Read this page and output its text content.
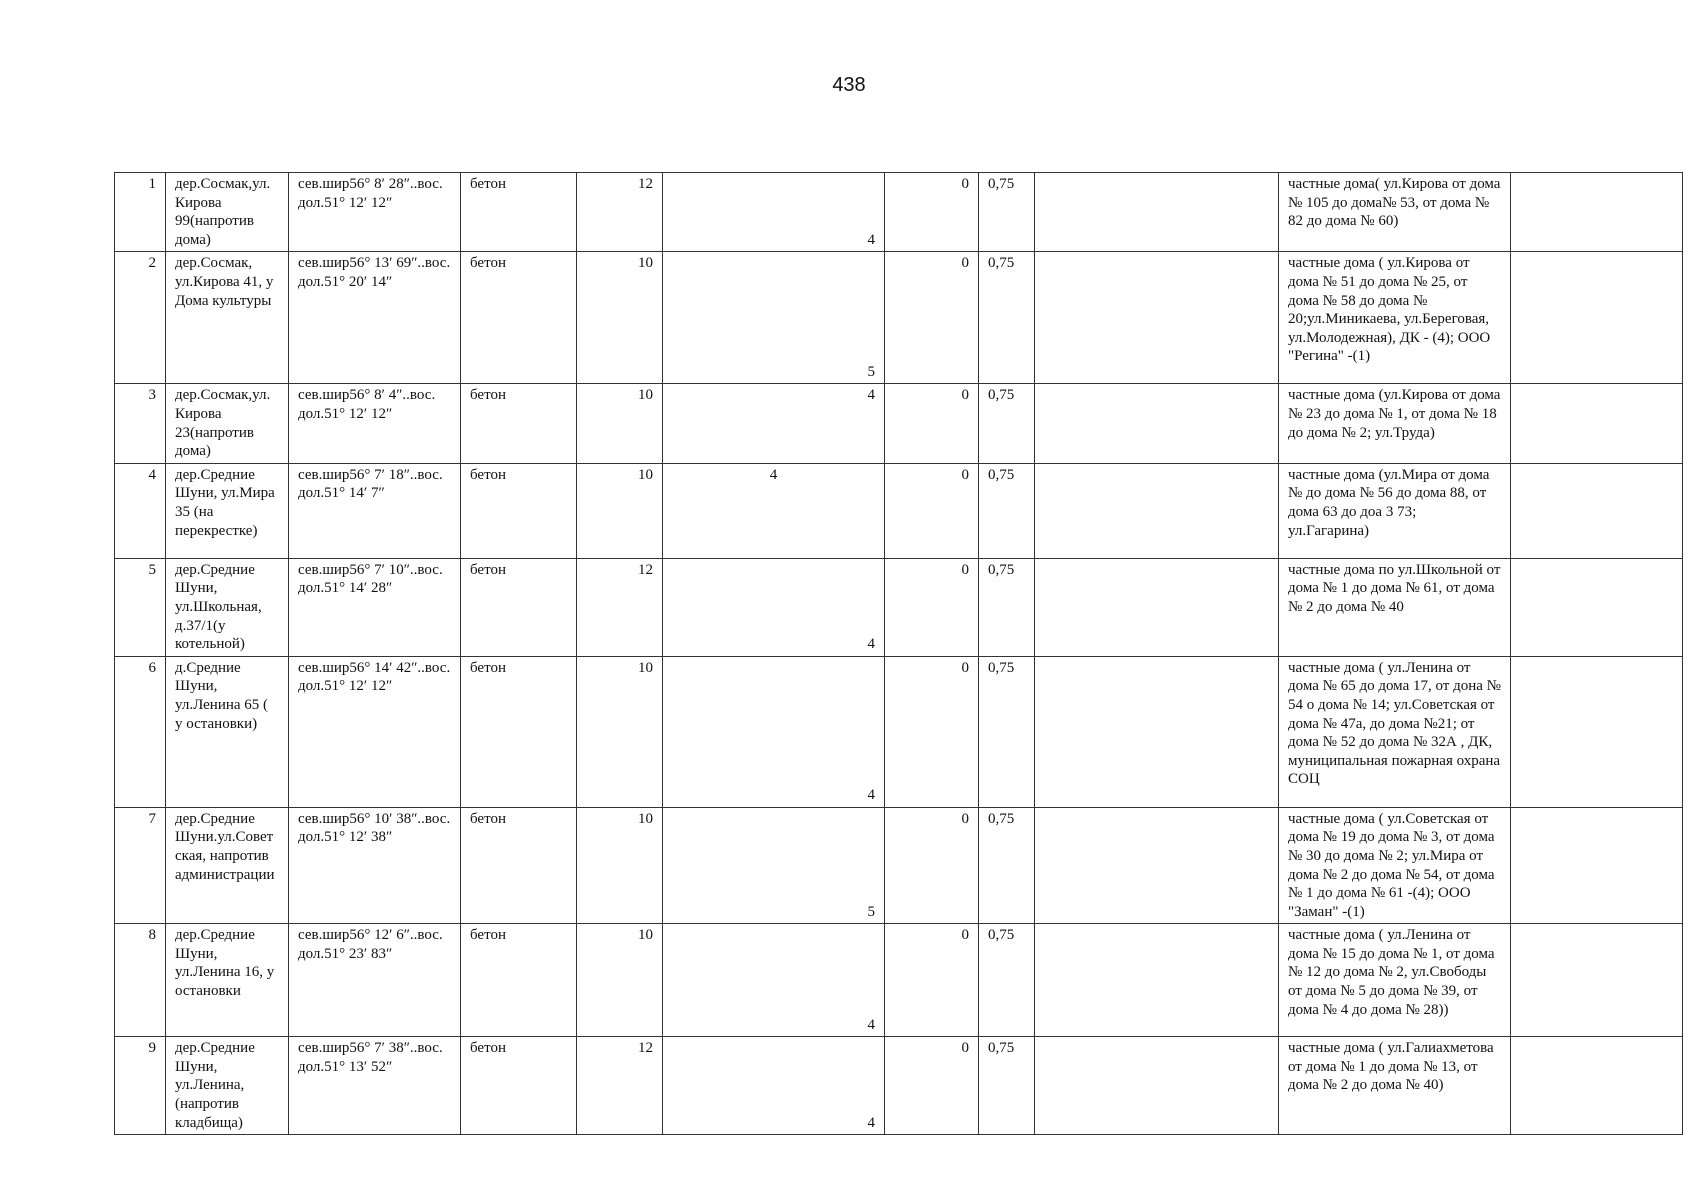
438
1	дер.Сосмак,ул. Кирова 99(напротив дома)	сев.шир56° 8′ 28″..вос. дол.51° 12′ 12″	бетон	12	4	0	0,75		частные дома( ул.Кирова от дома № 105 до дома№ 53, от дома № 82 до дома № 60)	
2	дер.Сосмак, ул.Кирова 41, у Дома культуры	сев.шир56° 13′ 69″..вос. дол.51° 20′ 14″	бетон	10	5	0	0,75		частные дома ( ул.Кирова от дома № 51 до дома № 25, от дома № 58 до дома № 20;ул.Миникаева, ул.Береговая, ул.Молодежная), ДК - (4); ООО "Регина" -(1)	
3	дер.Сосмак,ул. Кирова 23(напротив дома)	сев.шир56° 8′ 4″..вос. дол.51° 12′ 12″	бетон	10	4	0	0,75		частные дома (ул.Кирова от дома № 23 до дома № 1, от дома № 18 до дома № 2; ул.Труда)	
4	дер.Средние Шуни, ул.Мира 35 (на перекрестке)	сев.шир56° 7′ 18″..вос. дол.51° 14′ 7″	бетон	10	4	0	0,75		частные дома (ул.Мира от дома № до дома № 56 до дома 88, от дома 63 до доа 3 73; ул.Гагарина)	
5	дер.Средние Шуни, ул.Школьная, д.37/1(у котельной)	сев.шир56° 7′ 10″..вос. дол.51° 14′ 28″	бетон	12	4	0	0,75		частные дома по ул.Школьной от дома № 1 до дома № 61, от дома № 2 до дома № 40	
6	д.Средние Шуни, ул.Ленина 65 ( у остановки)	сев.шир56° 14′ 42″..вос. дол.51° 12′ 12″	бетон	10	4	0	0,75		частные дома ( ул.Ленина от дома № 65 до дома 17, от дона № 54 о дома № 14; ул.Советская от дома № 47а, до дома №21; от дома № 52 до дома № 32А , ДК, муниципальная пожарная охрана СОЦ	
7	дер.Средние Шуни.ул.Советская, напротив администрации	сев.шир56° 10′ 38″..вос. дол.51° 12′ 38″	бетон	10	5	0	0,75		частные дома ( ул.Советская от дома № 19 до дома № 3, от дома № 30 до дома № 2; ул.Мира от дома № 2 до дома № 54, от дома № 1 до дома № 61 -(4); ООО "Заман" -(1)	
8	дер.Средние Шуни, ул.Ленина 16, у остановки	сев.шир56° 12′ 6″..вос. дол.51° 23′ 83″	бетон	10	4	0	0,75		частные дома ( ул.Ленина от дома № 15 до дома № 1, от дома № 12 до дома № 2, ул.Свободы от дома № 5 до дома № 39, от дома № 4 до дома № 28))	
9	дер.Средние Шуни, ул.Ленина, (напротив кладбища)	сев.шир56° 7′ 38″..вос. дол.51° 13′ 52″	бетон	12	4	0	0,75		частные дома ( ул.Галиахметова от дома № 1 до дома № 13, от дома № 2 до дома № 40)	
